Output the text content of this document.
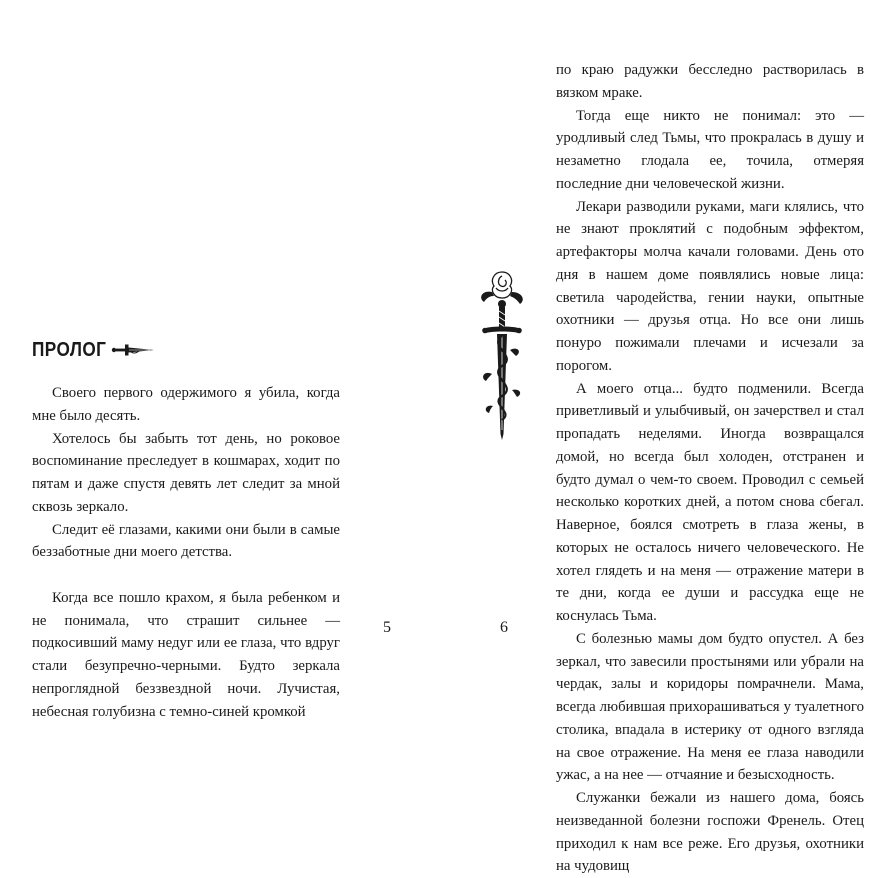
ПРОЛОГ

Своего первого одержимого я убила, когда мне было десять.

Хотелось бы забыть тот день, но роковое воспоминание преследует в кошмарах, ходит по пятам и даже спустя девять лет следит за мной сквозь зеркало.

Следит её глазами, какими они были в самые беззаботные дни моего детства.

Когда все пошло крахом, я была ребенком и не понимала, что страшит сильнее — подкосивший маму недуг или ее глаза, что вдруг стали безупречно-черными. Будто зеркала непроглядной беззвездной ночи. Лучистая, небесная голубизна с темно-синей кромкой

5	6

по краю радужки бесследно растворилась в вязком мраке.

Тогда еще никто не понимал: это — уродливый след Тьмы, что прокралась в душу и незаметно глодала ее, точила, отмеряя последние дни человеческой жизни.

Лекари разводили руками, маги клялись, что не знают проклятий с подобным эффектом, артефакторы молча качали головами. День ото дня в нашем доме появлялись новые лица: светила чародейства, гении науки, опытные охотники — друзья отца. Но все они лишь понуро пожимали плечами и исчезали за порогом.

А моего отца... будто подменили. Всегда приветливый и улыбчивый, он зачерствел и стал пропадать неделями. Иногда возвращался домой, но всегда был холоден, отстранен и будто думал о чем-то своем. Проводил с семьей несколько коротких дней, а потом снова сбегал. Наверное, боялся смотреть в глаза жены, в которых не осталось ничего человеческого. Не хотел глядеть и на меня — отражение матери в те дни, когда ее души и рассудка еще не коснулась Тьма.

С болезнью мамы дом будто опустел. А без зеркал, что завесили простынями или убрали на чердак, залы и коридоры помрачнели. Мама, всегда любившая прихорашиваться у туалетного столика, впадала в истерику от одного взгляда на свое отражение. На меня ее глаза наводили ужас, а на нее — отчаяние и безысходность.

Служанки бежали из нашего дома, боясь неизведанной болезни госпожи Френель. Отец приходил к нам все реже. Его друзья, охотники на чудовищ
